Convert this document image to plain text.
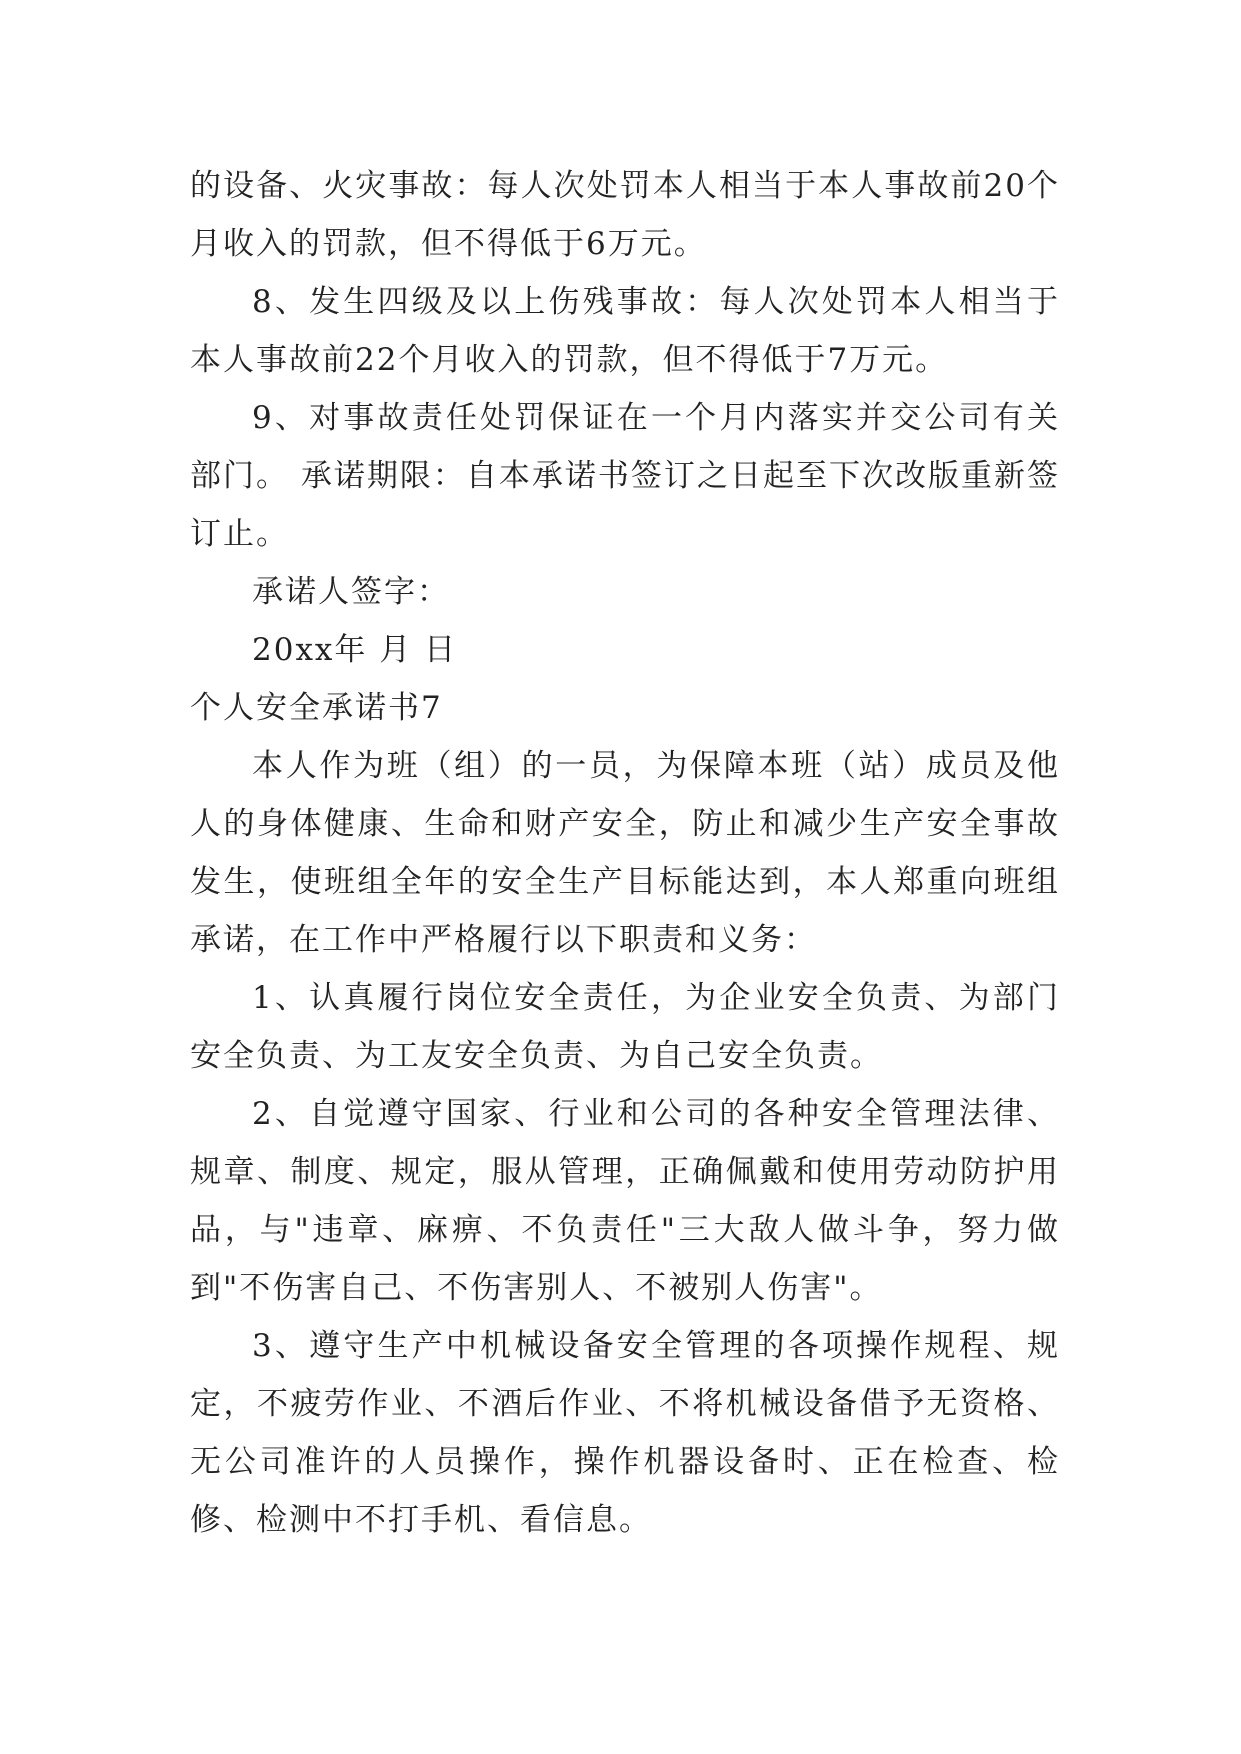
的设备、火灾事故：每人次处罚本人相当于本人事故前20个月收入的罚款，但不得低于6万元。

8、发生四级及以上伤残事故：每人次处罚本人相当于本人事故前22个月收入的罚款，但不得低于7万元。

9、对事故责任处罚保证在一个月内落实并交公司有关部门。 承诺期限：自本承诺书签订之日起至下次改版重新签订止。

承诺人签字：

20xx年 月 日

个人安全承诺书7

本人作为班（组）的一员，为保障本班（站）成员及他人的身体健康、生命和财产安全，防止和减少生产安全事故发生，使班组全年的安全生产目标能达到，本人郑重向班组承诺，在工作中严格履行以下职责和义务：

1、认真履行岗位安全责任，为企业安全负责、为部门安全负责、为工友安全负责、为自己安全负责。

2、自觉遵守国家、行业和公司的各种安全管理法律、规章、制度、规定，服从管理，正确佩戴和使用劳动防护用品，与"违章、麻痹、不负责任"三大敌人做斗争，努力做到"不伤害自己、不伤害别人、不被别人伤害"。

3、遵守生产中机械设备安全管理的各项操作规程、规定，不疲劳作业、不酒后作业、不将机械设备借予无资格、无公司准许的人员操作，操作机器设备时、正在检查、检修、检测中不打手机、看信息。
